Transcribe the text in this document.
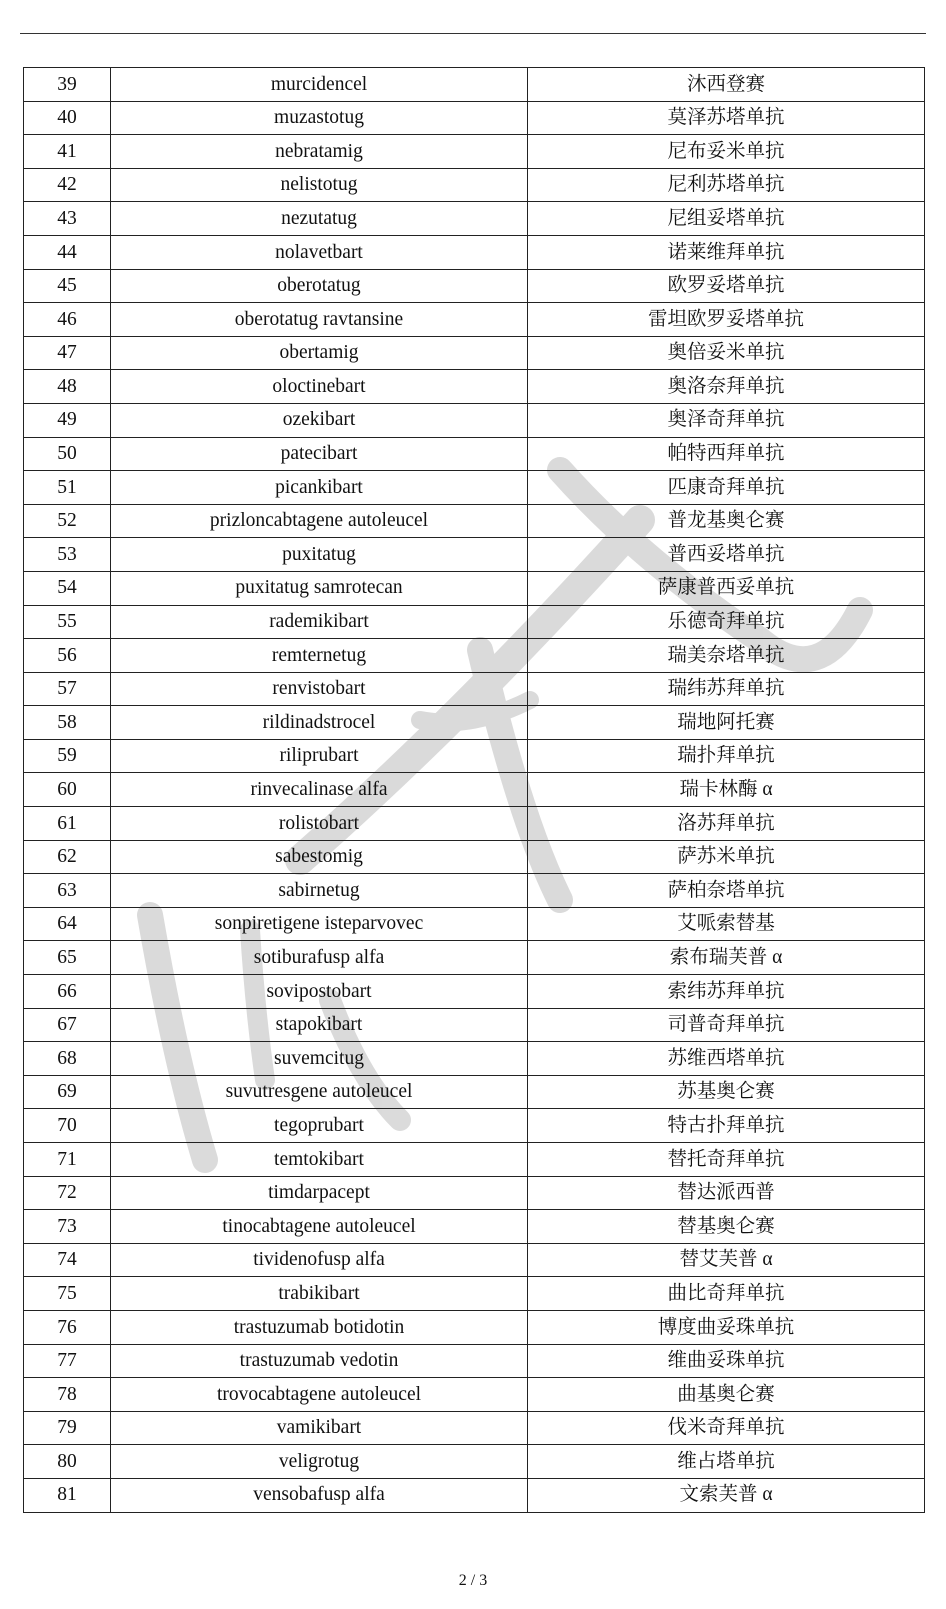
39	murcidencel	沐西登赛
40	muzastotug	莫泽苏塔单抗
41	nebratamig	尼布妥米单抗
42	nelistotug	尼利苏塔单抗
43	nezutatug	尼组妥塔单抗
44	nolavetbart	诺莱维拜单抗
45	oberotatug	欧罗妥塔单抗
46	oberotatug ravtansine	雷坦欧罗妥塔单抗
47	obertamig	奥倍妥米单抗
48	oloctinebart	奥洛奈拜单抗
49	ozekibart	奥泽奇拜单抗
50	patecibart	帕特西拜单抗
51	picankibart	匹康奇拜单抗
52	prizloncabtagene autoleucel	普龙基奥仑赛
53	puxitatug	普西妥塔单抗
54	puxitatug samrotecan	萨康普西妥单抗
55	rademikibart	乐德奇拜单抗
56	remternetug	瑞美奈塔单抗
57	renvistobart	瑞纬苏拜单抗
58	rildinadstrocel	瑞地阿托赛
59	riliprubart	瑞扑拜单抗
60	rinvecalinase alfa	瑞卡林酶 α
61	rolistobart	洛苏拜单抗
62	sabestomig	萨苏米单抗
63	sabirnetug	萨柏奈塔单抗
64	sonpiretigene isteparvovec	艾哌索替基
65	sotiburafusp alfa	索布瑞芙普 α
66	sovipostobart	索纬苏拜单抗
67	stapokibart	司普奇拜单抗
68	suvemcitug	苏维西塔单抗
69	suvutresgene autoleucel	苏基奥仑赛
70	tegoprubart	特古扑拜单抗
71	temtokibart	替托奇拜单抗
72	timdarpacept	替达派西普
73	tinocabtagene autoleucel	替基奥仑赛
74	tividenofusp alfa	替艾芙普 α
75	trabikibart	曲比奇拜单抗
76	trastuzumab botidotin	博度曲妥珠单抗
77	trastuzumab vedotin	维曲妥珠单抗
78	trovocabtagene autoleucel	曲基奥仑赛
79	vamikibart	伐米奇拜单抗
80	veligrotug	维占塔单抗
81	vensobafusp alfa	文索芙普 α
2 / 3
